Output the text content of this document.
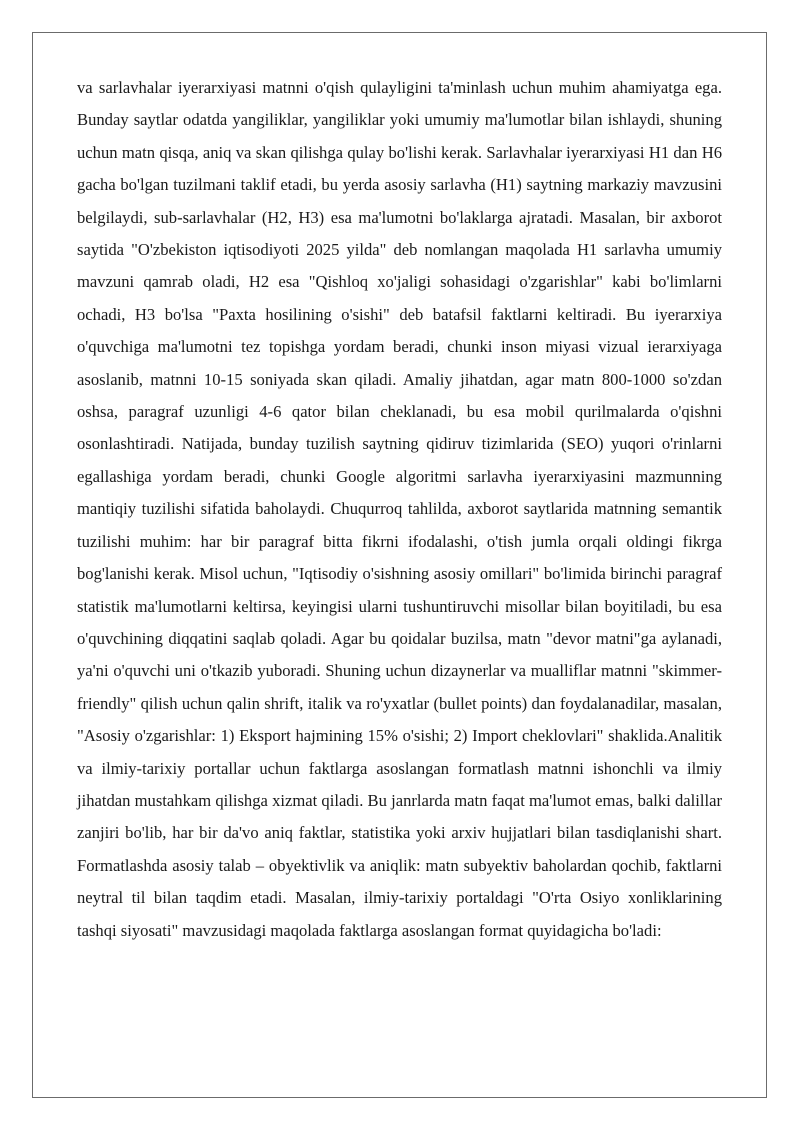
va sarlavhalar iyerarxiyasi matnni o'qish qulayligini ta'minlash uchun muhim ahamiyatga ega. Bunday saytlar odatda yangiliklar, yangiliklar yoki umumiy ma'lumotlar bilan ishlaydi, shuning uchun matn qisqa, aniq va skan qilishga qulay bo'lishi kerak. Sarlavhalar iyerarxiyasi H1 dan H6 gacha bo'lgan tuzilmani taklif etadi, bu yerda asosiy sarlavha (H1) saytning markaziy mavzusini belgilaydi, sub-sarlavhalar (H2, H3) esa ma'lumotni bo'laklarga ajratadi. Masalan, bir axborot saytida "O'zbekiston iqtisodiyoti 2025 yilda" deb nomlangan maqolada H1 sarlavha umumiy mavzuni qamrab oladi, H2 esa "Qishloq xo'jaligi sohasidagi o'zgarishlar" kabi bo'limlarni ochadi, H3 bo'lsa "Paxta hosilining o'sishi" deb batafsil faktlarni keltiradi. Bu iyerarxiya o'quvchiga ma'lumotni tez topishga yordam beradi, chunki inson miyasi vizual ierarxiyaga asoslanib, matnni 10-15 soniyada skan qiladi. Amaliy jihatdan, agar matn 800-1000 so'zdan oshsa, paragraf uzunligi 4-6 qator bilan cheklanadi, bu esa mobil qurilmalarda o'qishni osonlashtiradi. Natijada, bunday tuzilish saytning qidiruv tizimlarida (SEO) yuqori o'rinlarni egallashiga yordam beradi, chunki Google algoritmi sarlavha iyerarxiyasini mazmunning mantiqiy tuzilishi sifatida baholaydi. Chuqurroq tahlilda, axborot saytlarida matnning semantik tuzilishi muhim: har bir paragraf bitta fikrni ifodalashi, o'tish jumla orqali oldingi fikrga bog'lanishi kerak. Misol uchun, "Iqtisodiy o'sishning asosiy omillari" bo'limida birinchi paragraf statistik ma'lumotlarni keltirsa, keyingisi ularni tushuntiruvchi misollar bilan boyitiladi, bu esa o'quvchining diqqatini saqlab qoladi. Agar bu qoidalar buzilsa, matn "devor matni"ga aylanadi, ya'ni o'quvchi uni o'tkazib yuboradi. Shuning uchun dizaynerlar va mualliflar matnni "skimmer-friendly" qilish uchun qalin shrift, italik va ro'yxatlar (bullet points) dan foydalanadilar, masalan, "Asosiy o'zgarishlar: 1) Eksport hajmining 15% o'sishi; 2) Import cheklovlari" shaklida.Analitik va ilmiy-tarixiy portallar uchun faktlarga asoslangan formatlash matnni ishonchli va ilmiy jihatdan mustahkam qilishga xizmat qiladi. Bu janrlarda matn faqat ma'lumot emas, balki dalillar zanjiri bo'lib, har bir da'vo aniq faktlar, statistika yoki arxiv hujjatlari bilan tasdiqlanishi shart. Formatlashda asosiy talab – obyektivlik va aniqlik: matn subyektiv baholardan qochib, faktlarni neytral til bilan taqdim etadi. Masalan, ilmiy-tarixiy portaldagi "O'rta Osiyo xonliklarining tashqi siyosati" mavzusidagi maqolada faktlarga asoslangan format quyidagicha bo'ladi:
